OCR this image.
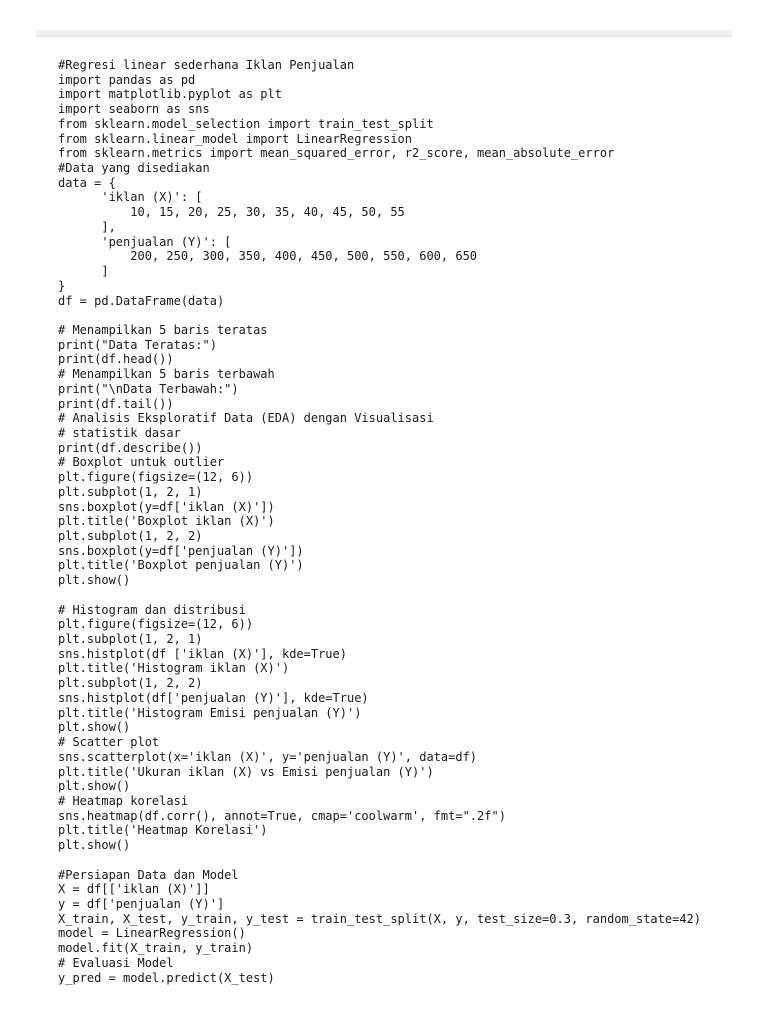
#Regresi linear sederhana Iklan Penjualan
import pandas as pd
import matplotlib.pyplot as plt
import seaborn as sns
from sklearn.model_selection import train_test_split
from sklearn.linear_model import LinearRegression
from sklearn.metrics import mean_squared_error, r2_score, mean_absolute_error
#Data yang disediakan
data = {
'iklan (X)': [
10, 15, 20, 25, 30, 35, 40, 45, 50, 55
],
'penjualan (Y)': [
200, 250, 300, 350, 400, 450, 500, 550, 600, 650
]
}
df = pd.DataFrame(data)
# Menampilkan 5 baris teratas
print("Data Teratas:")
print(df.head())
# Menampilkan 5 baris terbawah
print("\nData Terbawah:")
print(df.tail())
# Analisis Eksploratif Data (EDA) dengan Visualisasi
# statistik dasar
print(df.describe())
# Boxplot untuk outlier
plt.figure(figsize=(12, 6))
plt.subplot(1, 2, 1)
sns.boxplot(y=df['iklan (X)'])
plt.title('Boxplot iklan (X)')
plt.subplot(1, 2, 2)
sns.boxplot(y=df['penjualan (Y)'])
plt.title('Boxplot penjualan (Y)')
plt.show()
# Histogram dan distribusi
plt.figure(figsize=(12, 6))
plt.subplot(1, 2, 1)
sns.histplot(df ['iklan (X)'], kde=True)
plt.title('Histogram iklan (X)')
plt.subplot(1, 2, 2)
sns.histplot(df['penjualan (Y)'], kde=True)
plt.title('Histogram Emisi penjualan (Y)')
plt.show()
# Scatter plot
sns.scatterplot(x='iklan (X)', y='penjualan (Y)', data=df)
plt.title('Ukuran iklan (X) vs Emisi penjualan (Y)')
plt.show()
# Heatmap korelasi
sns.heatmap(df.corr(), annot=True, cmap='coolwarm', fmt=".2f")
plt.title('Heatmap Korelasi')
plt.show()
#Persiapan Data dan Model
X = df[['iklan (X)']]
y = df['penjualan (Y)']
X_train, X_test, y_train, y_test = train_test_split(X, y, test_size=0.3, random_state=42)
model = LinearRegression()
model.fit(X_train, y_train)
# Evaluasi Model
y_pred = model.predict(X_test)
